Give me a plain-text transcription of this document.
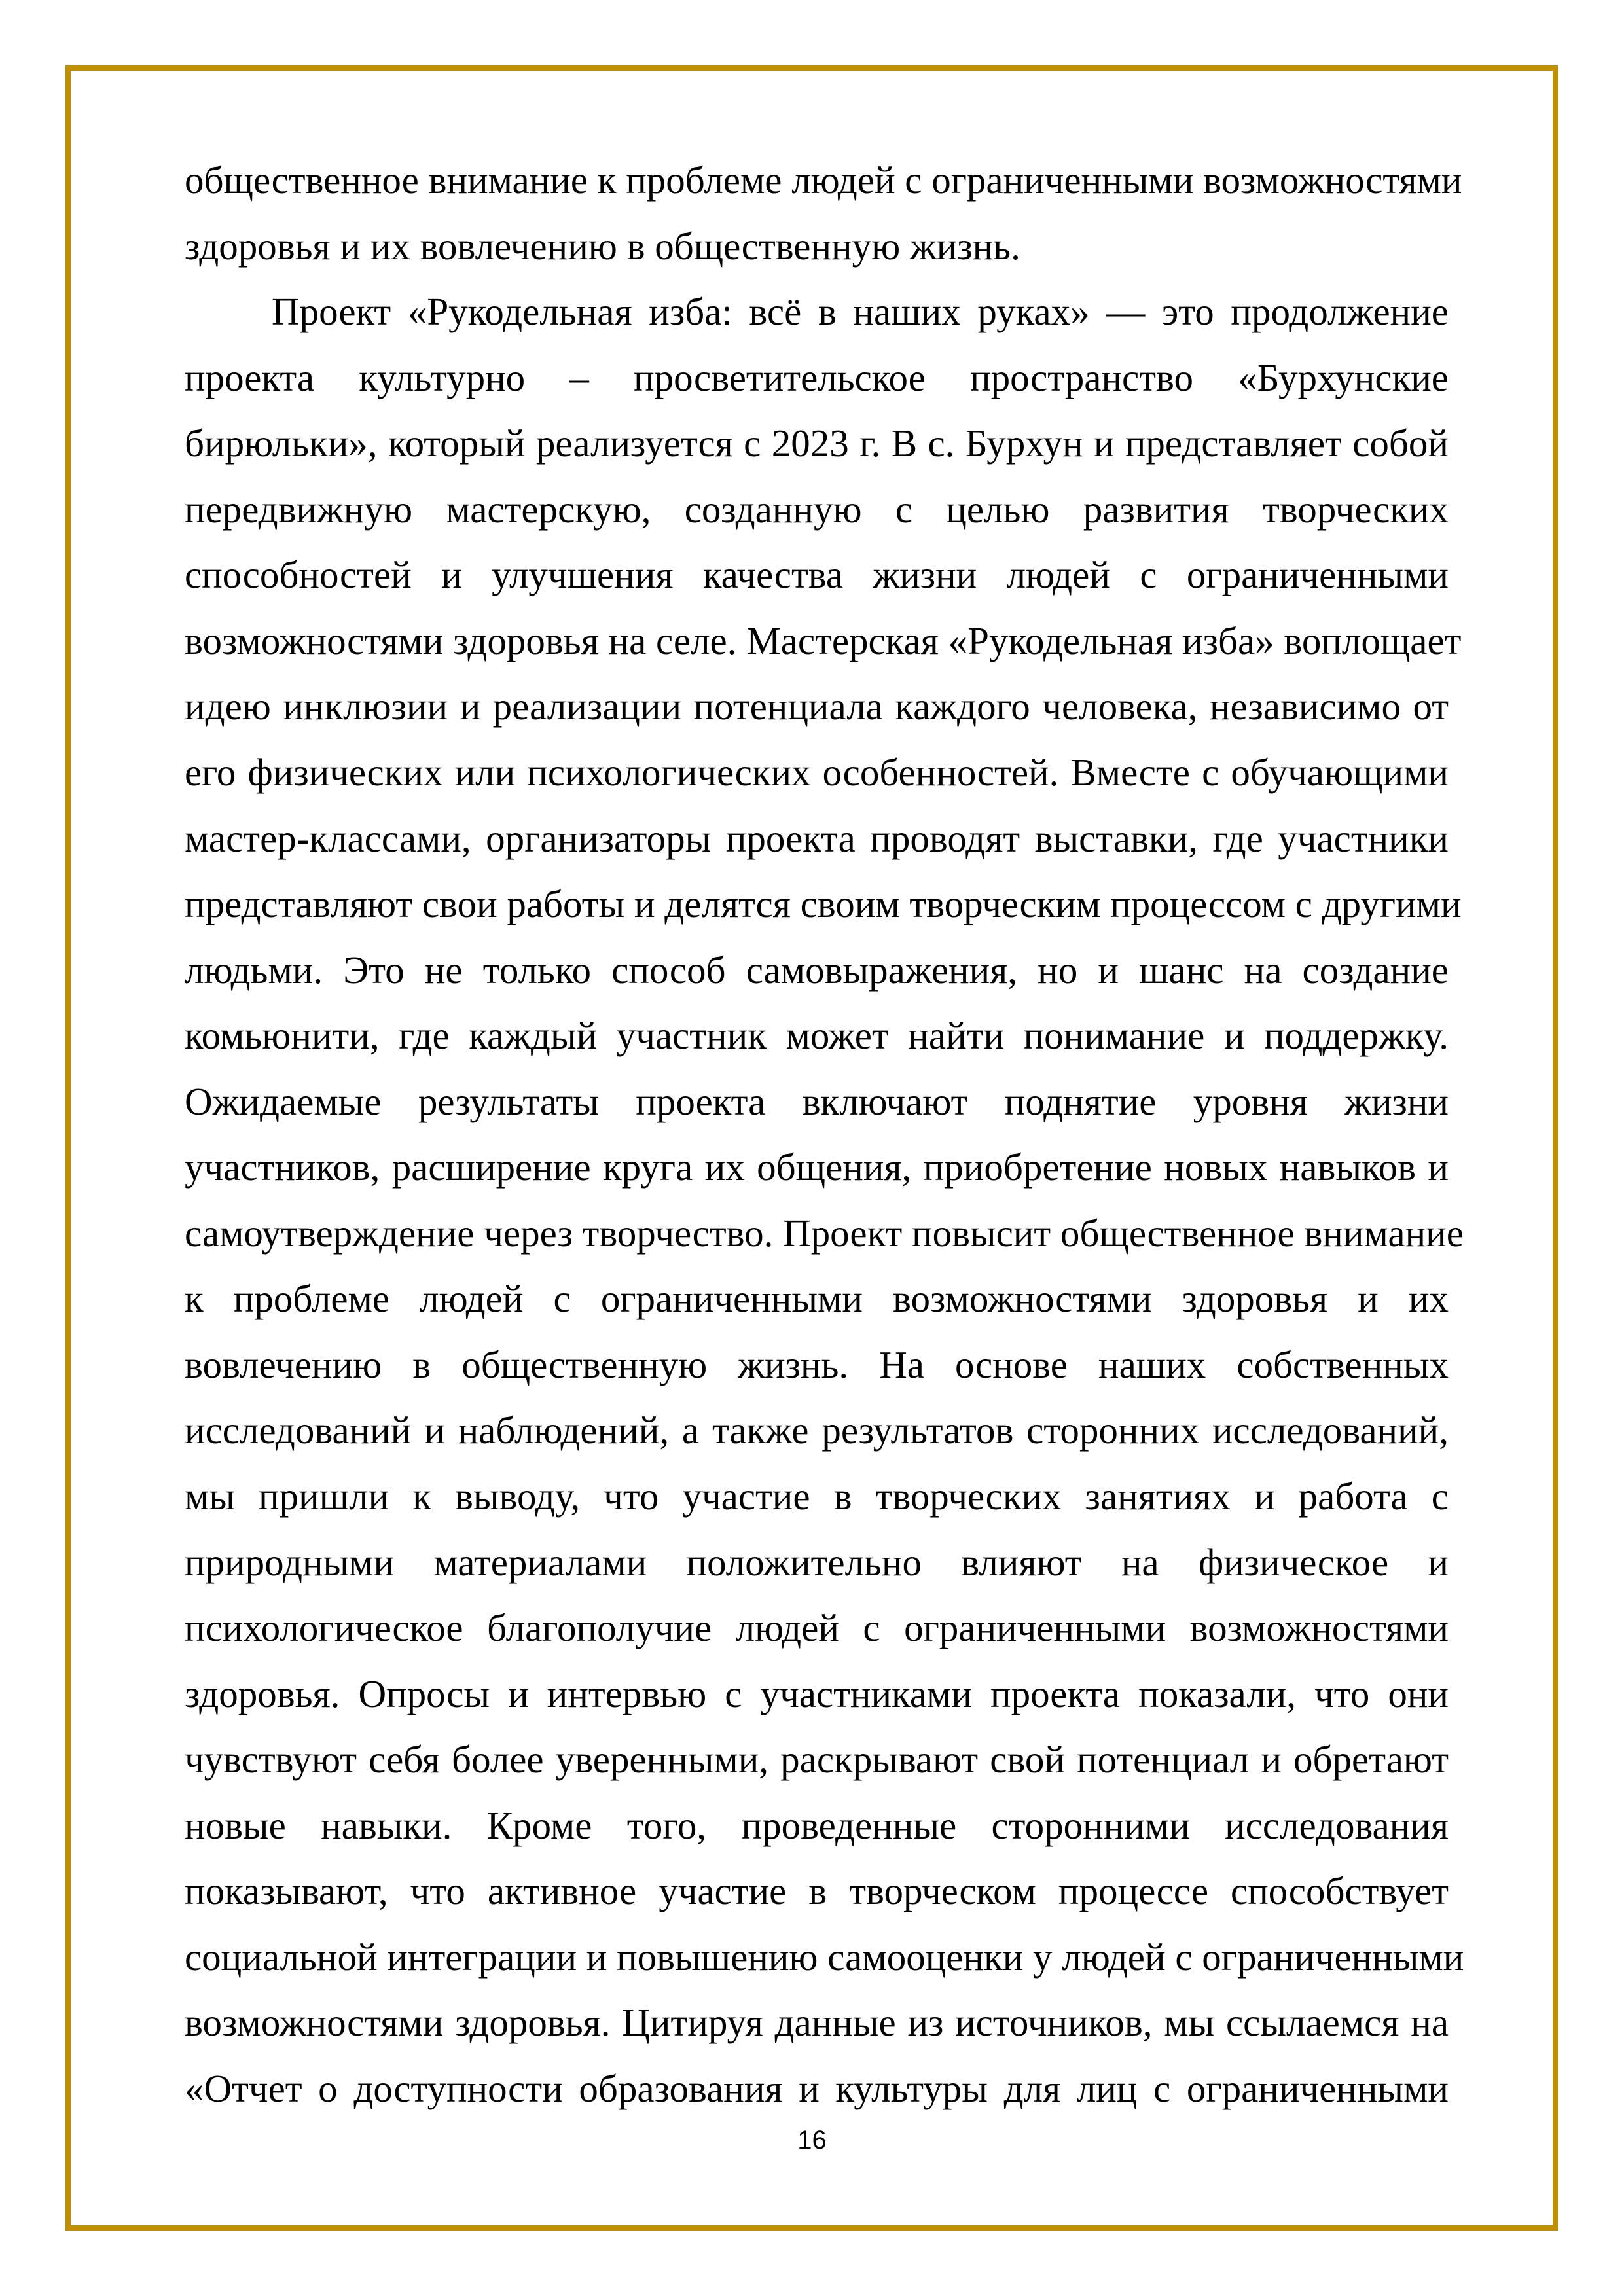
общественное внимание к проблеме людей с ограниченными возможностями
здоровья и их вовлечению в общественную жизнь.
Проект «Рукодельная изба: всё в наших руках» — это продолжение
проекта культурно – просветительское пространство «Бурхунские
бирюльки», который реализуется с 2023 г. В с. Бурхун и представляет собой
передвижную мастерскую, созданную с целью развития творческих
способностей и улучшения качества жизни людей с ограниченными
возможностями здоровья на селе. Мастерская «Рукодельная изба» воплощает
идею инклюзии и реализации потенциала каждого человека, независимо от
его физических или психологических особенностей. Вместе с обучающими
мастер-классами, организаторы проекта проводят выставки, где участники
представляют свои работы и делятся своим творческим процессом с другими
людьми. Это не только способ самовыражения, но и шанс на создание
комьюнити, где каждый участник может найти понимание и поддержку.
Ожидаемые результаты проекта включают поднятие уровня жизни
участников, расширение круга их общения, приобретение новых навыков и
самоутверждение через творчество. Проект повысит общественное внимание
к проблеме людей с ограниченными возможностями здоровья и их
вовлечению в общественную жизнь. На основе наших собственных
исследований и наблюдений, а также результатов сторонних исследований,
мы пришли к выводу, что участие в творческих занятиях и работа с
природными материалами положительно влияют на физическое и
психологическое благополучие людей с ограниченными возможностями
здоровья. Опросы и интервью с участниками проекта показали, что они
чувствуют себя более уверенными, раскрывают свой потенциал и обретают
новые навыки. Кроме того, проведенные сторонними исследования
показывают, что активное участие в творческом процессе способствует
социальной интеграции и повышению самооценки у людей с ограниченными
возможностями здоровья. Цитируя данные из источников, мы ссылаемся на
«Отчет о доступности образования и культуры для лиц с ограниченными
16
